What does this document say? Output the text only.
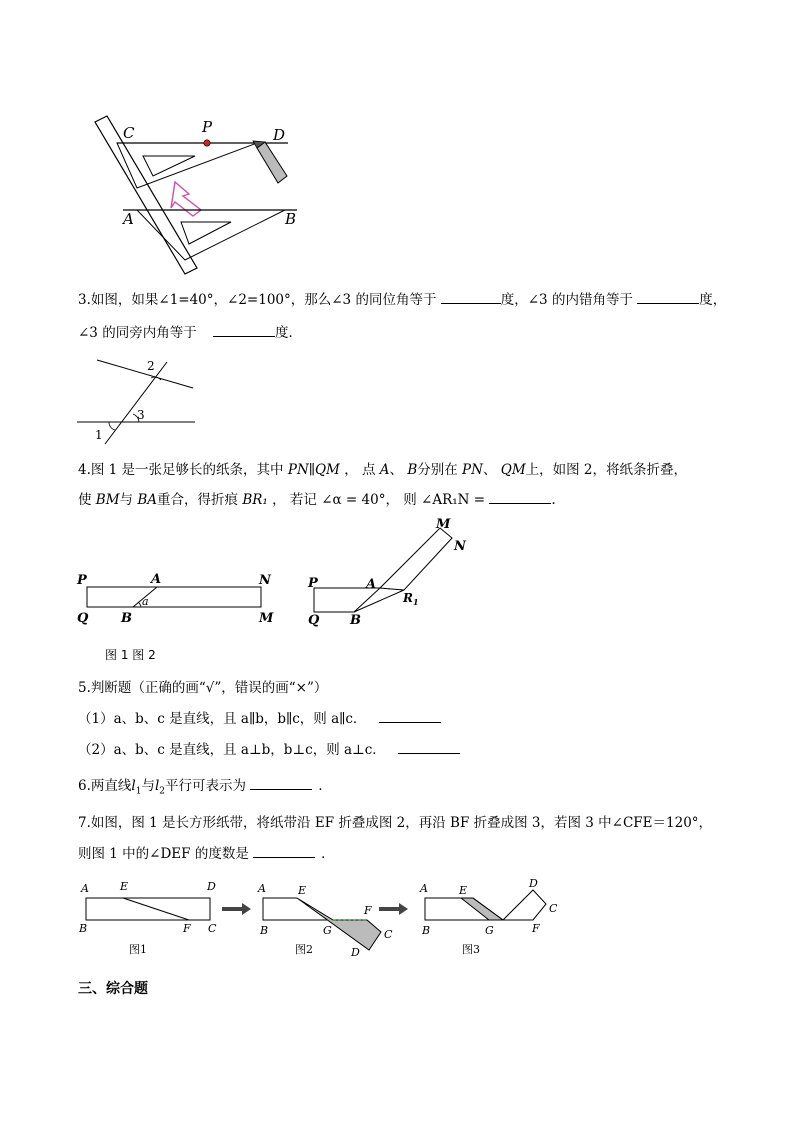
C	P	D
A	B
3.如图，如果∠1=40°，∠2=100°，那么∠3 的同位角等于	度，∠3 的内错角等于	度，
∠3 的同旁内角等于	度．
2
3
1
4.图 1 是一张足够长的纸条，其中 PN∥QM ， 点 A、 B分别在 PN、 QM上，如图 2，将纸条折叠，
使 BM与 BA重合，得折痕 BR₁ ， 若记 ∠α = 40°， 则 ∠AR₁N =	.
P	A	N
Q	B
a
M
M
N
P	A
$R_1$
Q B
图 1 图 2
5.判断题（正确的画“√”，错误的画“×”）
（1）a、b、c 是直线，且 a∥b，b∥c，则 a∥c．
（2）a、b、c 是直线，且 a⊥b，b⊥c，则 a⊥c．
6.两直线$l_1$与$l_2$平行可表示为	．
7.如图，图 1 是长方形纸带，将纸带沿 EF 折叠成图 2，再沿 BF 折叠成图 3，若图 3 中∠CFE＝120°，
则图 1 中的∠DEF 的度数是	．
A	E	D
B	F C
图1
A	E
F
B	G	C
D
图2
A	E
D
C
B	G	F
图3
三、综合题
